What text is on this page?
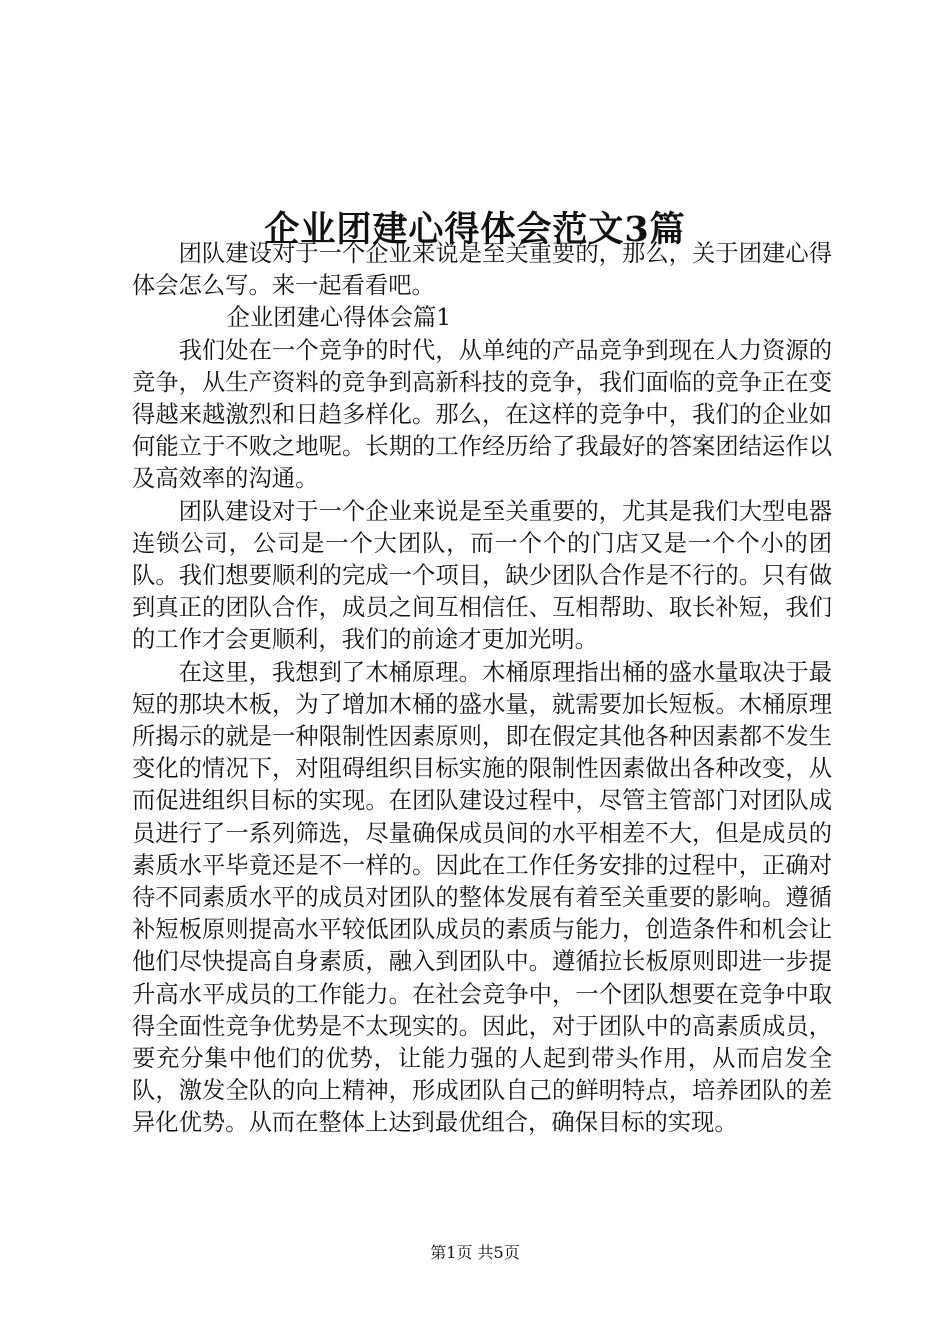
企业团建心得体会范文3篇

团队建设对于一个企业来说是至关重要的，那么，关于团建心得体会怎么写。来一起看看吧。

企业团建心得体会篇1

我们处在一个竞争的时代，从单纯的产品竞争到现在人力资源的竞争，从生产资料的竞争到高新科技的竞争，我们面临的竞争正在变得越来越激烈和日趋多样化。那么，在这样的竞争中，我们的企业如何能立于不败之地呢。长期的工作经历给了我最好的答案团结运作以及高效率的沟通。

团队建设对于一个企业来说是至关重要的，尤其是我们大型电器连锁公司，公司是一个大团队，而一个个的门店又是一个个小的团队。我们想要顺利的完成一个项目，缺少团队合作是不行的。只有做到真正的团队合作，成员之间互相信任、互相帮助、取长补短，我们的工作才会更顺利，我们的前途才更加光明。

在这里，我想到了木桶原理。木桶原理指出桶的盛水量取决于最短的那块木板，为了增加木桶的盛水量，就需要加长短板。木桶原理所揭示的就是一种限制性因素原则，即在假定其他各种因素都不发生变化的情况下，对阻碍组织目标实施的限制性因素做出各种改变，从而促进组织目标的实现。在团队建设过程中，尽管主管部门对团队成员进行了一系列筛选，尽量确保成员间的水平相差不大，但是成员的素质水平毕竟还是不一样的。因此在工作任务安排的过程中，正确对待不同素质水平的成员对团队的整体发展有着至关重要的影响。遵循补短板原则提高水平较低团队成员的素质与能力，创造条件和机会让他们尽快提高自身素质，融入到团队中。遵循拉长板原则即进一步提升高水平成员的工作能力。在社会竞争中，一个团队想要在竞争中取得全面性竞争优势是不太现实的。因此，对于团队中的高素质成员，要充分集中他们的优势，让能力强的人起到带头作用，从而启发全队，激发全队的向上精神，形成团队自己的鲜明特点，培养团队的差异化优势。从而在整体上达到最优组合，确保目标的实现。

第1页 共5页
